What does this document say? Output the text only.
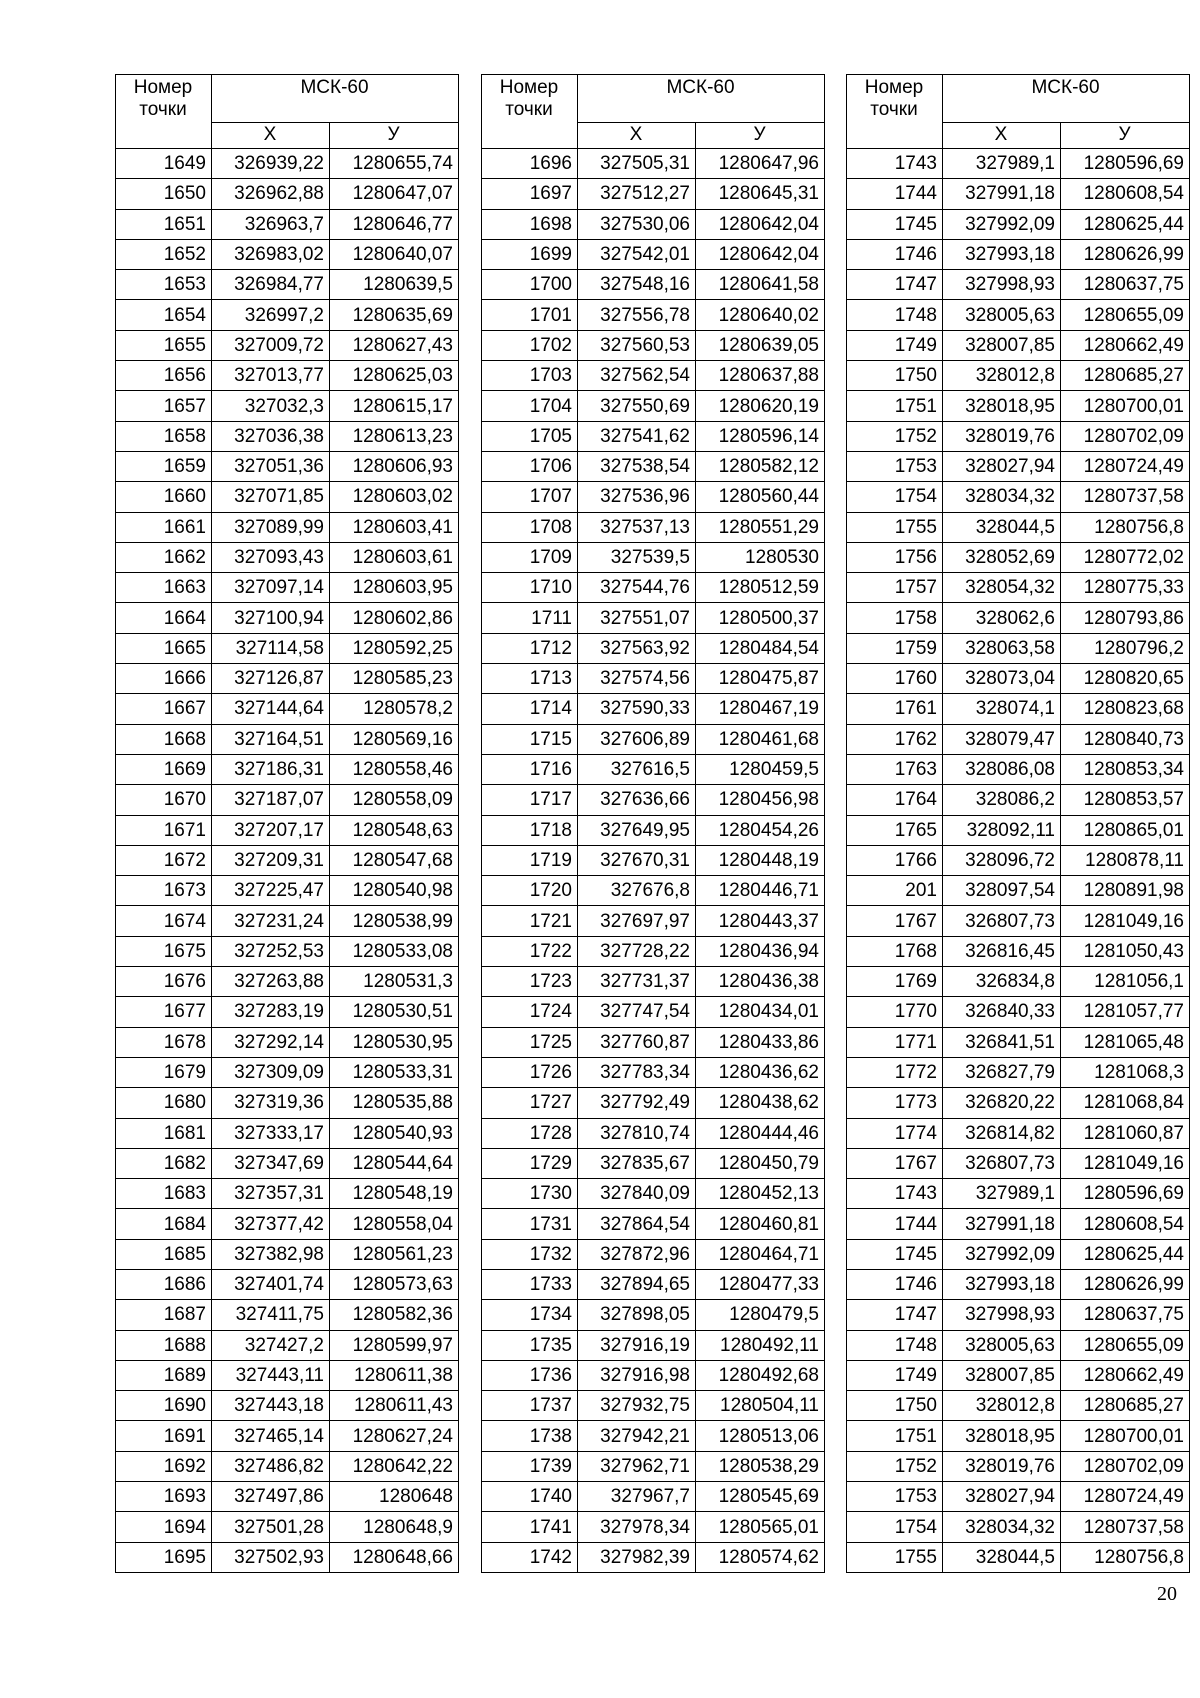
Номер точки	МСК-60	
	X	У
1649	326939,22	1280655,74
1650	326962,88	1280647,07
1651	326963,7	1280646,77
1652	326983,02	1280640,07
1653	326984,77	1280639,5
1654	326997,2	1280635,69
1655	327009,72	1280627,43
1656	327013,77	1280625,03
1657	327032,3	1280615,17
1658	327036,38	1280613,23
1659	327051,36	1280606,93
1660	327071,85	1280603,02
1661	327089,99	1280603,41
1662	327093,43	1280603,61
1663	327097,14	1280603,95
1664	327100,94	1280602,86
1665	327114,58	1280592,25
1666	327126,87	1280585,23
1667	327144,64	1280578,2
1668	327164,51	1280569,16
1669	327186,31	1280558,46
1670	327187,07	1280558,09
1671	327207,17	1280548,63
1672	327209,31	1280547,68
1673	327225,47	1280540,98
1674	327231,24	1280538,99
1675	327252,53	1280533,08
1676	327263,88	1280531,3
1677	327283,19	1280530,51
1678	327292,14	1280530,95
1679	327309,09	1280533,31
1680	327319,36	1280535,88
1681	327333,17	1280540,93
1682	327347,69	1280544,64
1683	327357,31	1280548,19
1684	327377,42	1280558,04
1685	327382,98	1280561,23
1686	327401,74	1280573,63
1687	327411,75	1280582,36
1688	327427,2	1280599,97
1689	327443,11	1280611,38
1690	327443,18	1280611,43
1691	327465,14	1280627,24
1692	327486,82	1280642,22
1693	327497,86	1280648
1694	327501,28	1280648,9
1695	327502,93	1280648,66
Номер точки	МСК-60	
	X	У
1696	327505,31	1280647,96
1697	327512,27	1280645,31
1698	327530,06	1280642,04
1699	327542,01	1280642,04
1700	327548,16	1280641,58
1701	327556,78	1280640,02
1702	327560,53	1280639,05
1703	327562,54	1280637,88
1704	327550,69	1280620,19
1705	327541,62	1280596,14
1706	327538,54	1280582,12
1707	327536,96	1280560,44
1708	327537,13	1280551,29
1709	327539,5	1280530
1710	327544,76	1280512,59
1711	327551,07	1280500,37
1712	327563,92	1280484,54
1713	327574,56	1280475,87
1714	327590,33	1280467,19
1715	327606,89	1280461,68
1716	327616,5	1280459,5
1717	327636,66	1280456,98
1718	327649,95	1280454,26
1719	327670,31	1280448,19
1720	327676,8	1280446,71
1721	327697,97	1280443,37
1722	327728,22	1280436,94
1723	327731,37	1280436,38
1724	327747,54	1280434,01
1725	327760,87	1280433,86
1726	327783,34	1280436,62
1727	327792,49	1280438,62
1728	327810,74	1280444,46
1729	327835,67	1280450,79
1730	327840,09	1280452,13
1731	327864,54	1280460,81
1732	327872,96	1280464,71
1733	327894,65	1280477,33
1734	327898,05	1280479,5
1735	327916,19	1280492,11
1736	327916,98	1280492,68
1737	327932,75	1280504,11
1738	327942,21	1280513,06
1739	327962,71	1280538,29
1740	327967,7	1280545,69
1741	327978,34	1280565,01
1742	327982,39	1280574,62
Номер точки	МСК-60	
	X	У
1743	327989,1	1280596,69
1744	327991,18	1280608,54
1745	327992,09	1280625,44
1746	327993,18	1280626,99
1747	327998,93	1280637,75
1748	328005,63	1280655,09
1749	328007,85	1280662,49
1750	328012,8	1280685,27
1751	328018,95	1280700,01
1752	328019,76	1280702,09
1753	328027,94	1280724,49
1754	328034,32	1280737,58
1755	328044,5	1280756,8
1756	328052,69	1280772,02
1757	328054,32	1280775,33
1758	328062,6	1280793,86
1759	328063,58	1280796,2
1760	328073,04	1280820,65
1761	328074,1	1280823,68
1762	328079,47	1280840,73
1763	328086,08	1280853,34
1764	328086,2	1280853,57
1765	328092,11	1280865,01
1766	328096,72	1280878,11
201	328097,54	1280891,98
1767	326807,73	1281049,16
1768	326816,45	1281050,43
1769	326834,8	1281056,1
1770	326840,33	1281057,77
1771	326841,51	1281065,48
1772	326827,79	1281068,3
1773	326820,22	1281068,84
1774	326814,82	1281060,87
1767	326807,73	1281049,16
1743	327989,1	1280596,69
1744	327991,18	1280608,54
1745	327992,09	1280625,44
1746	327993,18	1280626,99
1747	327998,93	1280637,75
1748	328005,63	1280655,09
1749	328007,85	1280662,49
1750	328012,8	1280685,27
1751	328018,95	1280700,01
1752	328019,76	1280702,09
1753	328027,94	1280724,49
1754	328034,32	1280737,58
1755	328044,5	1280756,8
20
